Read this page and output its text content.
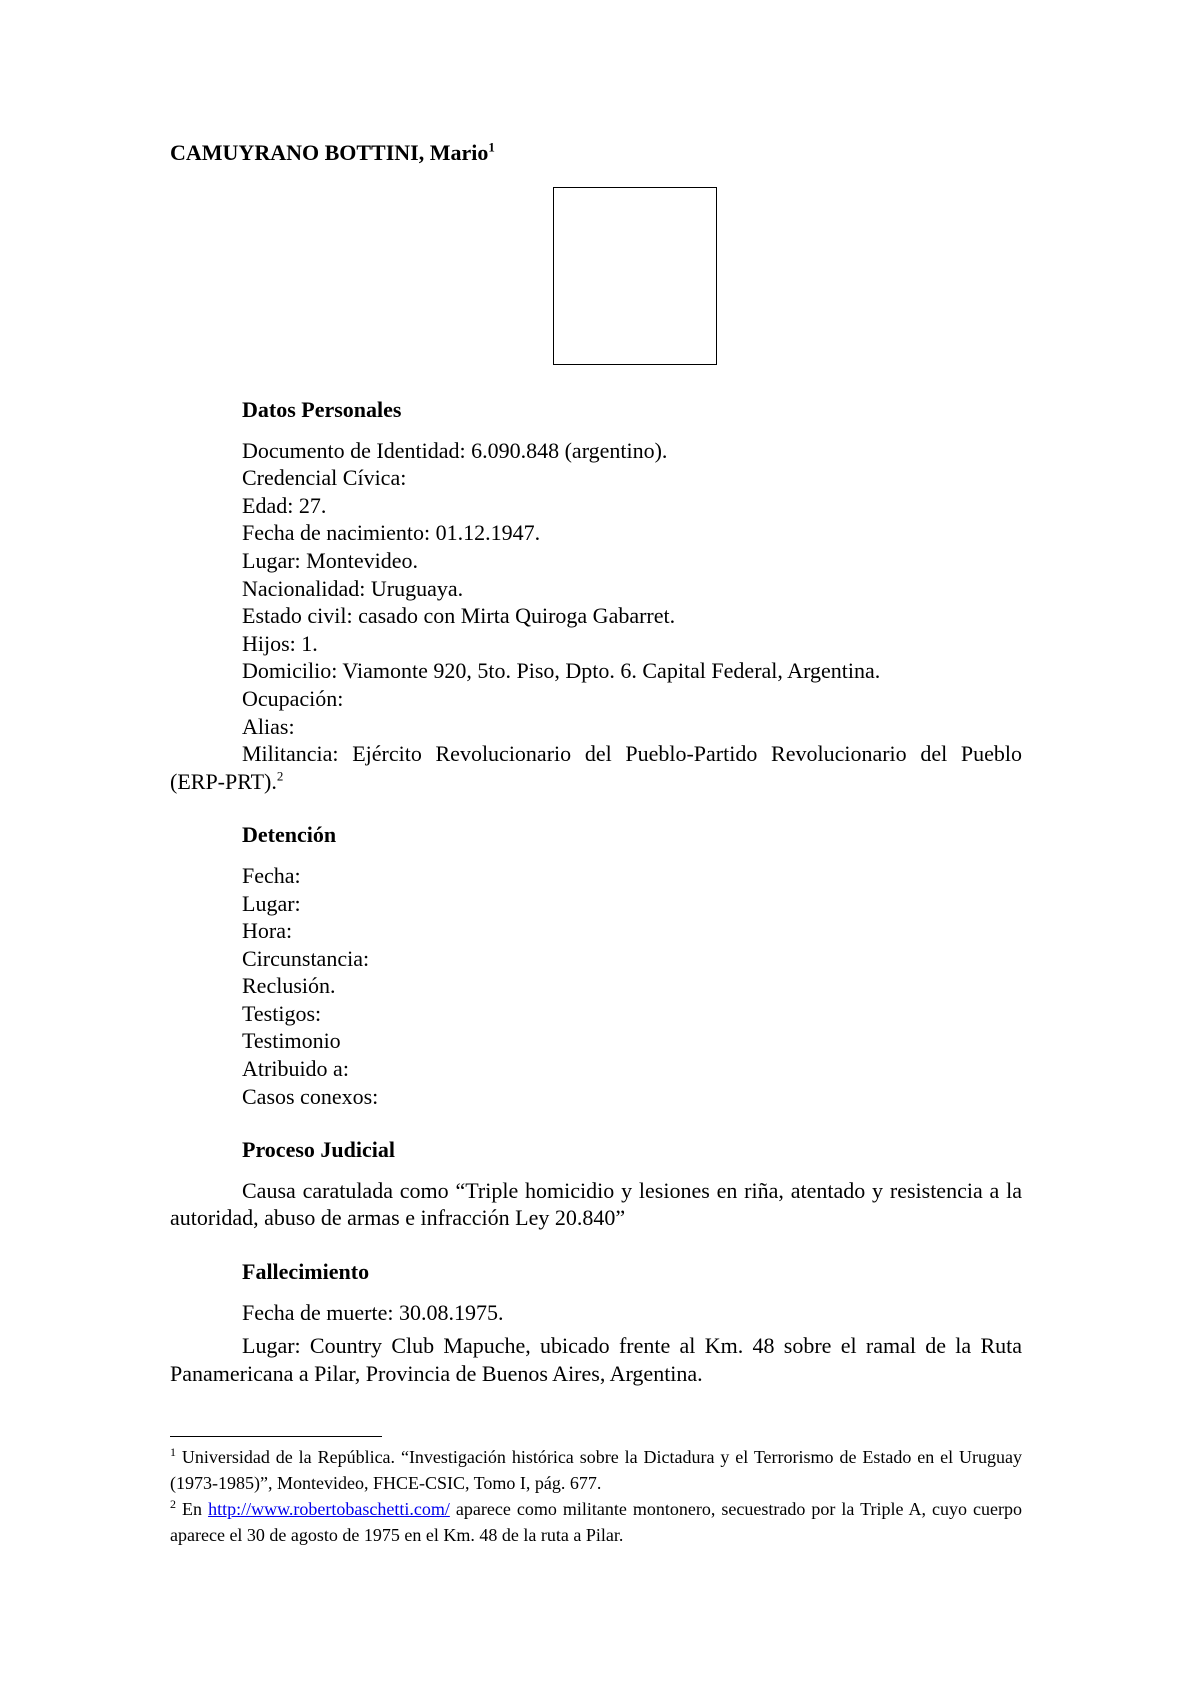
CAMUYRANO BOTTINI, Mario$^1$
Datos Personales
Documento de Identidad: 6.090.848 (argentino).
Credencial Cívica:
Edad: 27.
Fecha de nacimiento: 01.12.1947.
Lugar: Montevideo.
Nacionalidad: Uruguaya.
Estado civil: casado con Mirta Quiroga Gabarret.
Hijos: 1.
Domicilio: Viamonte 920, 5to. Piso, Dpto. 6. Capital Federal, Argentina.
Ocupación:
Alias:
Militancia: Ejército Revolucionario del Pueblo-Partido Revolucionario del Pueblo (ERP-PRT).$^2$
Detención
Fecha:
Lugar:
Hora:
Circunstancia:
Reclusión.
Testigos:
Testimonio
Atribuido a:
Casos conexos:
Proceso Judicial
Causa caratulada como “Triple homicidio y lesiones en riña, atentado y resistencia a la autoridad, abuso de armas e infracción Ley 20.840”
Fallecimiento
Fecha de muerte: 30.08.1975.
Lugar: Country Club Mapuche, ubicado frente al Km. 48 sobre el ramal de la Ruta Panamericana a Pilar, Provincia de Buenos Aires, Argentina.
$^1$ Universidad de la República. “Investigación histórica sobre la Dictadura y el Terrorismo de Estado en el Uruguay (1973-1985)”, Montevideo, FHCE-CSIC, Tomo I, pág. 677.
$^2$ En http://www.robertobaschetti.com/ aparece como militante montonero, secuestrado por la Triple A, cuyo cuerpo aparece el 30 de agosto de 1975 en el Km. 48 de la ruta a Pilar.
